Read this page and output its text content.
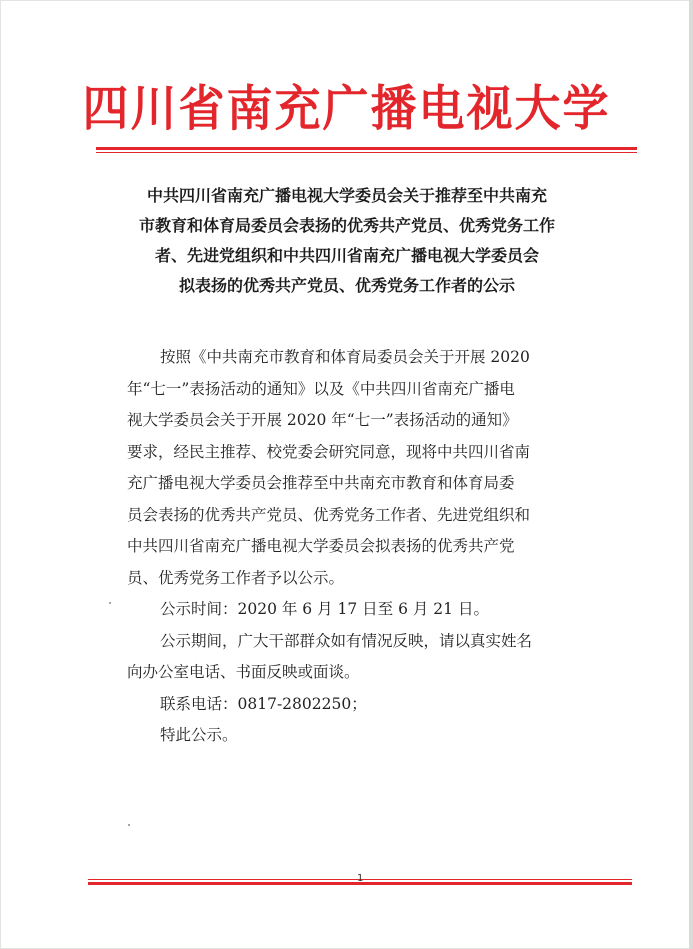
四川省南充广播电视大学
中共四川省南充广播电视大学委员会关于推荐至中共南充
市教育和体育局委员会表扬的优秀共产党员、优秀党务工作
者、先进党组织和中共四川省南充广播电视大学委员会
拟表扬的优秀共产党员、优秀党务工作者的公示
按照《中共南充市教育和体育局委员会关于开展 2020
年“七一”表扬活动的通知》以及《中共四川省南充广播电
视大学委员会关于开展 2020 年“七一”表扬活动的通知》
要求，经民主推荐、校党委会研究同意，现将中共四川省南
充广播电视大学委员会推荐至中共南充市教育和体育局委
员会表扬的优秀共产党员、优秀党务工作者、先进党组织和
中共四川省南充广播电视大学委员会拟表扬的优秀共产党
员、优秀党务工作者予以公示。
公示时间：2020 年 6 月 17 日至 6 月 21 日。
公示期间，广大干部群众如有情况反映，请以真实姓名
向办公室电话、书面反映或面谈。
联系电话：0817-2802250；
特此公示。
1
